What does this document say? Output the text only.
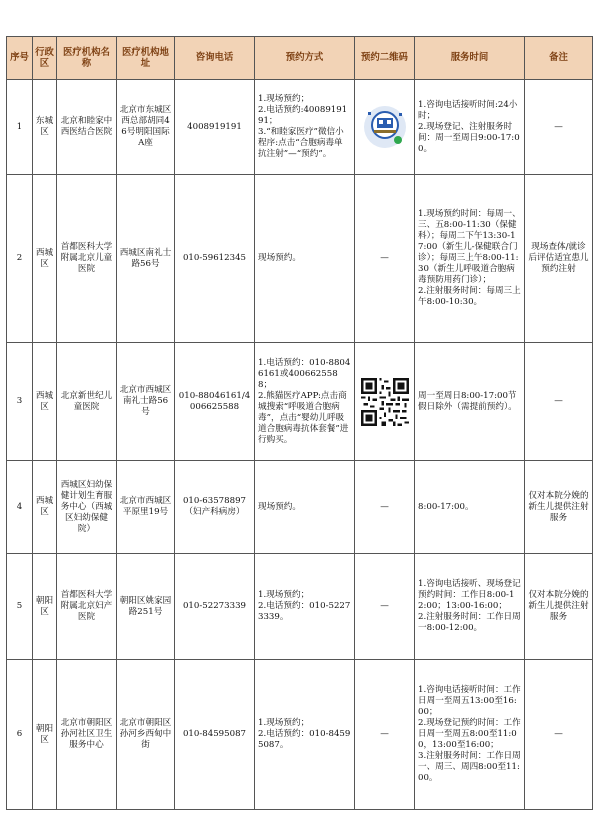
序号	行政区	医疗机构名称	医疗机构地址	咨询电话	预约方式	预约二维码	服务时间	备注
1	东城区	北京和睦家中西医结合医院	北京市东城区西总部胡同46号明阳国际A座	4008919191	1.现场预约；
2.电话预约:4008919191；
3.“和睦家医疗”微信小程序:点击“合胞病毒单抗注射”—“预约”。		1.咨询电话接听时间:24小时；
2.现场登记、注射服务时间：周一至周日9:00-17:00。	—
2	西城区	首都医科大学附属北京儿童医院	西城区南礼士路56号	010-59612345	现场预约。	—	1.现场预约时间：每周一、三、五8:00-11:30（保健科）；每周二下午13:30-17:00（新生儿-保健联合门诊）；每周三上午8:00-11:30（新生儿呼吸道合胞病毒预防用药门诊）；
2.注射服务时间：每周三上午8:00-10:30。	现场查体/就诊后评估适宜患儿预约注射
3	西城区	北京新世纪儿童医院	北京市西城区南礼士路56号	010-88046161/4006625588	1.电话预约：010-88046161或4006625588；
2.熊猫医疗APP:点击商城搜索“呼吸道合胞病毒”，点击“婴幼儿呼吸道合胞病毒抗体套餐”进行购买。		周一至周日8:00-17:00节假日除外（需提前预约）。	—
4	西城区	西城区妇幼保健计划生育服务中心（西城区妇幼保健院）	北京市西城区平原里19号	010-63578897（妇产科病房）	现场预约。	—	8:00-17:00。	仅对本院分娩的新生儿提供注射服务
5	朝阳区	首都医科大学附属北京妇产医院	朝阳区姚家园路251号	010-52273339	1.现场预约；
2.电话预约：010-52273339。	—	1.咨询电话接听、现场登记预约时间：工作日8:00-12:00；13:00-16:00；
2.注射服务时间：工作日周一8:00-12:00。	仅对本院分娩的新生儿提供注射服务
6	朝阳区	北京市朝阳区孙河社区卫生服务中心	北京市朝阳区孙河乡西甸中街	010-84595087	1.现场预约；
2.电话预约：010-84595087。	—	1.咨询电话接听时间：工作日周一至周五13:00至16:00；
2.现场登记预约时间：工作日周一至周五8:00至11:00，13:00至16:00；
3.注射服务时间：工作日周一、周三、周四8:00至11:00。	—
